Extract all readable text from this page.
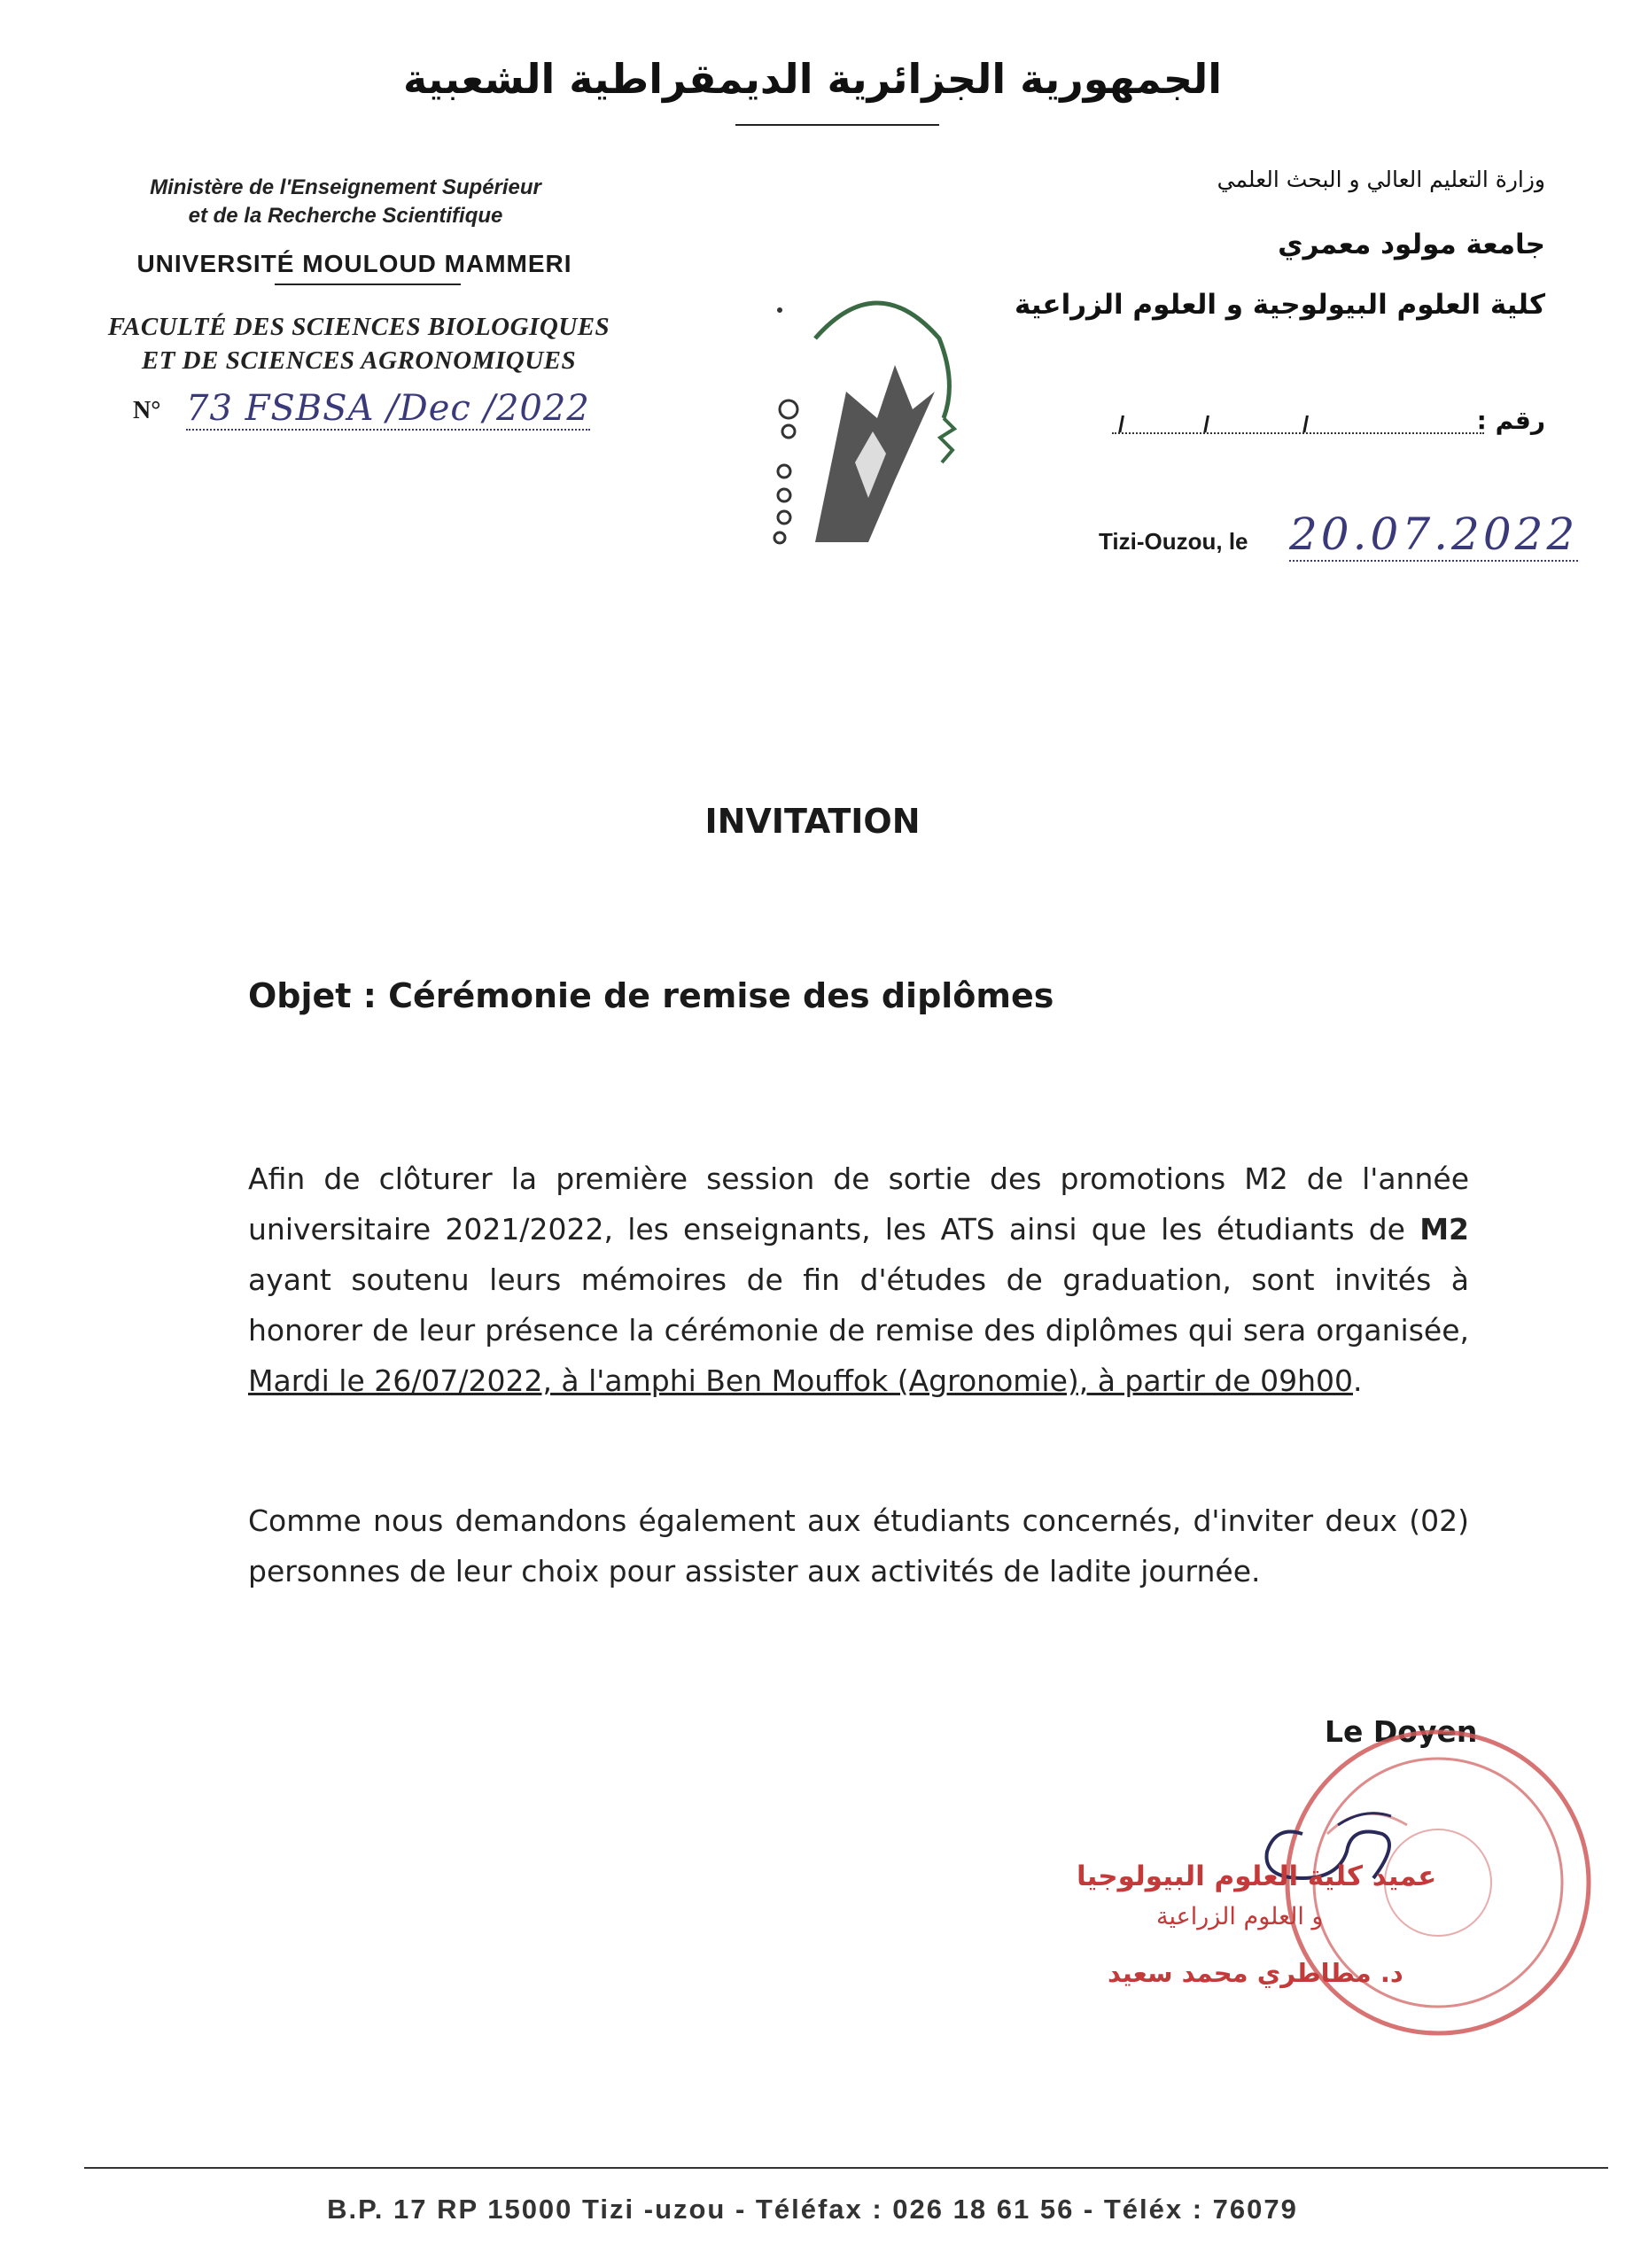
الجمهورية الجزائرية الديمقراطية الشعبية
Ministère de l'Enseignement Supérieur
et de la Recherche Scientifique
UNIVERSITÉ MOULOUD MAMMERI
FACULTÉ DES SCIENCES BIOLOGIQUES
ET DE SCIENCES AGRONOMIQUES
N° 73 FSBSA /Dec /2022
وزارة التعليم العالي و البحث العلمي
جامعة مولود معمري
كلية العلوم البيولوجية و العلوم الزراعية
رقم :
/	/	/
Tizi-Ouzou, le 20.07.2022
INVITATION
Objet : Cérémonie de remise des diplômes
Afin de clôturer la première session de sortie des promotions M2 de l'année universitaire 2021/2022, les enseignants, les ATS ainsi que les étudiants de M2 ayant soutenu leurs mémoires de fin d'études de graduation, sont invités à honorer de leur présence la cérémonie de remise des diplômes qui sera organisée, Mardi le 26/07/2022, à l'amphi Ben Mouffok (Agronomie), à partir de 09h00.
Comme nous demandons également aux étudiants concernés, d'inviter deux (02) personnes de leur choix pour assister aux activités de ladite journée.
Le Doyen
عميد كلية العلوم البيولوجيا
و العلوم الزراعية
د. مطاطري محمد سعيد
B.P. 17 RP 15000 Tizi -uzou - Téléfax : 026 18 61 56 - Téléx : 76079
